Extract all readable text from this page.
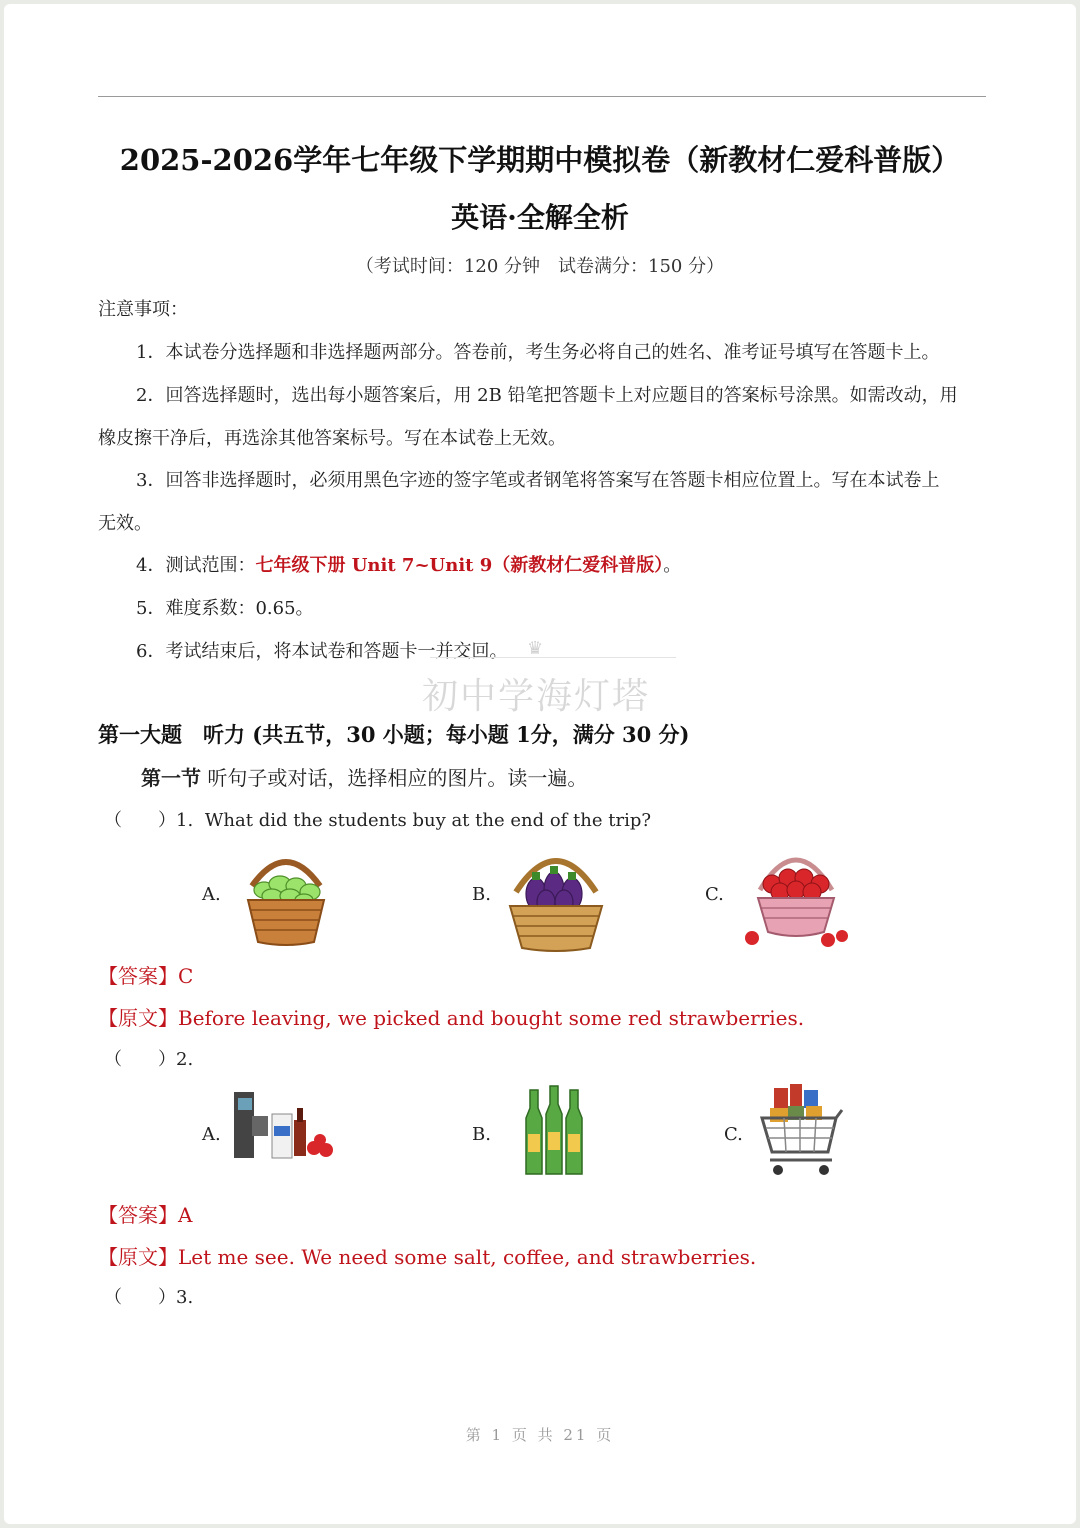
2025-2026学年七年级下学期期中模拟卷（新教材仁爱科普版）
英语·全解全析
（考试时间：120 分钟　试卷满分：150 分）
注意事项：
1．本试卷分选择题和非选择题两部分。答卷前，考生务必将自己的姓名、准考证号填写在答题卡上。
2．回答选择题时，选出每小题答案后，用 2B 铅笔把答题卡上对应题目的答案标号涂黑。如需改动，用
橡皮擦干净后，再选涂其他答案标号。写在本试卷上无效。
3．回答非选择题时，必须用黑色字迹的签字笔或者钢笔将答案写在答题卡相应位置上。写在本试卷上
无效。
4．测试范围：七年级下册 Unit 7~Unit 9（新教材仁爱科普版）。
5．难度系数：0.65。
6．考试结束后，将本试卷和答题卡一并交回。 ♛
初中学海灯塔
第一大题　听力 (共五节，30 小题；每小题 1分，满分 30 分)
第一节 听句子或对话，选择相应的图片。读一遍。
（　　）1. What did the students buy at the end of the trip?
A.	B.	C.
【答案】C
【原文】Before leaving, we picked and bought some red strawberries.
（　　）2.
A.	B.	C.
【答案】A
【原文】Let me see. We need some salt, coffee, and strawberries.
（　　）3.
第 1 页 共 21 页
